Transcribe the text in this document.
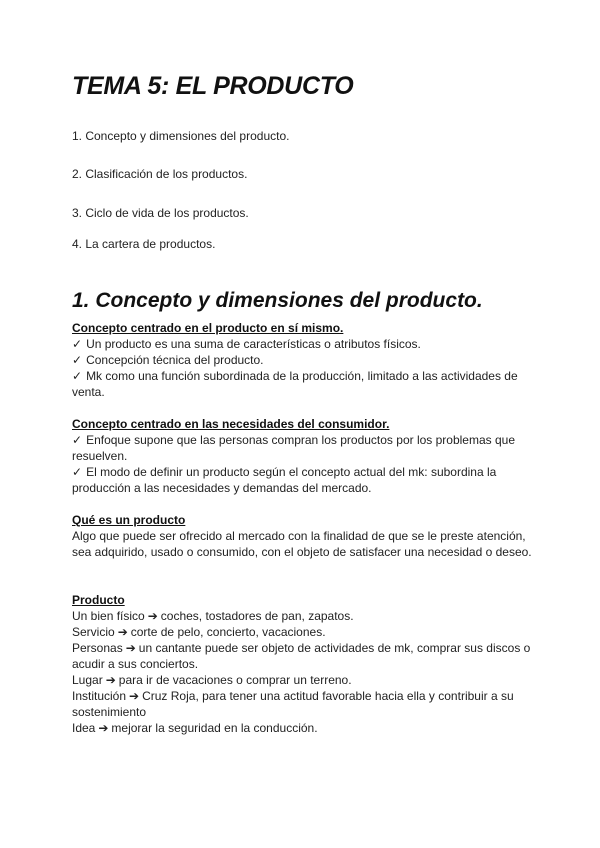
TEMA 5: EL PRODUCTO
1. Concepto y dimensiones del producto.
2. Clasificación de los productos.
3. Ciclo de vida de los productos.
4. La cartera de productos.
1. Concepto y dimensiones del producto.
Concepto centrado en el producto en sí mismo.
✓ Un producto es una suma de características o atributos físicos.
✓ Concepción técnica del producto.
✓ Mk como una función subordinada de la producción, limitado a las actividades de venta.
Concepto centrado en las necesidades del consumidor.
✓ Enfoque supone que las personas compran los productos por los problemas que resuelven.
✓ El modo de definir un producto según el concepto actual del mk: subordina la producción a las necesidades y demandas del mercado.
Qué es un producto
Algo que puede ser ofrecido al mercado con la finalidad de que se le preste atención, sea adquirido, usado o consumido, con el objeto de satisfacer una necesidad o deseo.
Producto
Un bien físico ➔ coches, tostadores de pan, zapatos.
Servicio ➔ corte de pelo, concierto, vacaciones.
Personas ➔ un cantante puede ser objeto de actividades de mk, comprar sus discos o acudir a sus conciertos.
Lugar ➔ para ir de vacaciones o comprar un terreno.
Institución ➔ Cruz Roja, para tener una actitud favorable hacia ella y contribuir a su sostenimiento
Idea ➔ mejorar la seguridad en la conducción.
